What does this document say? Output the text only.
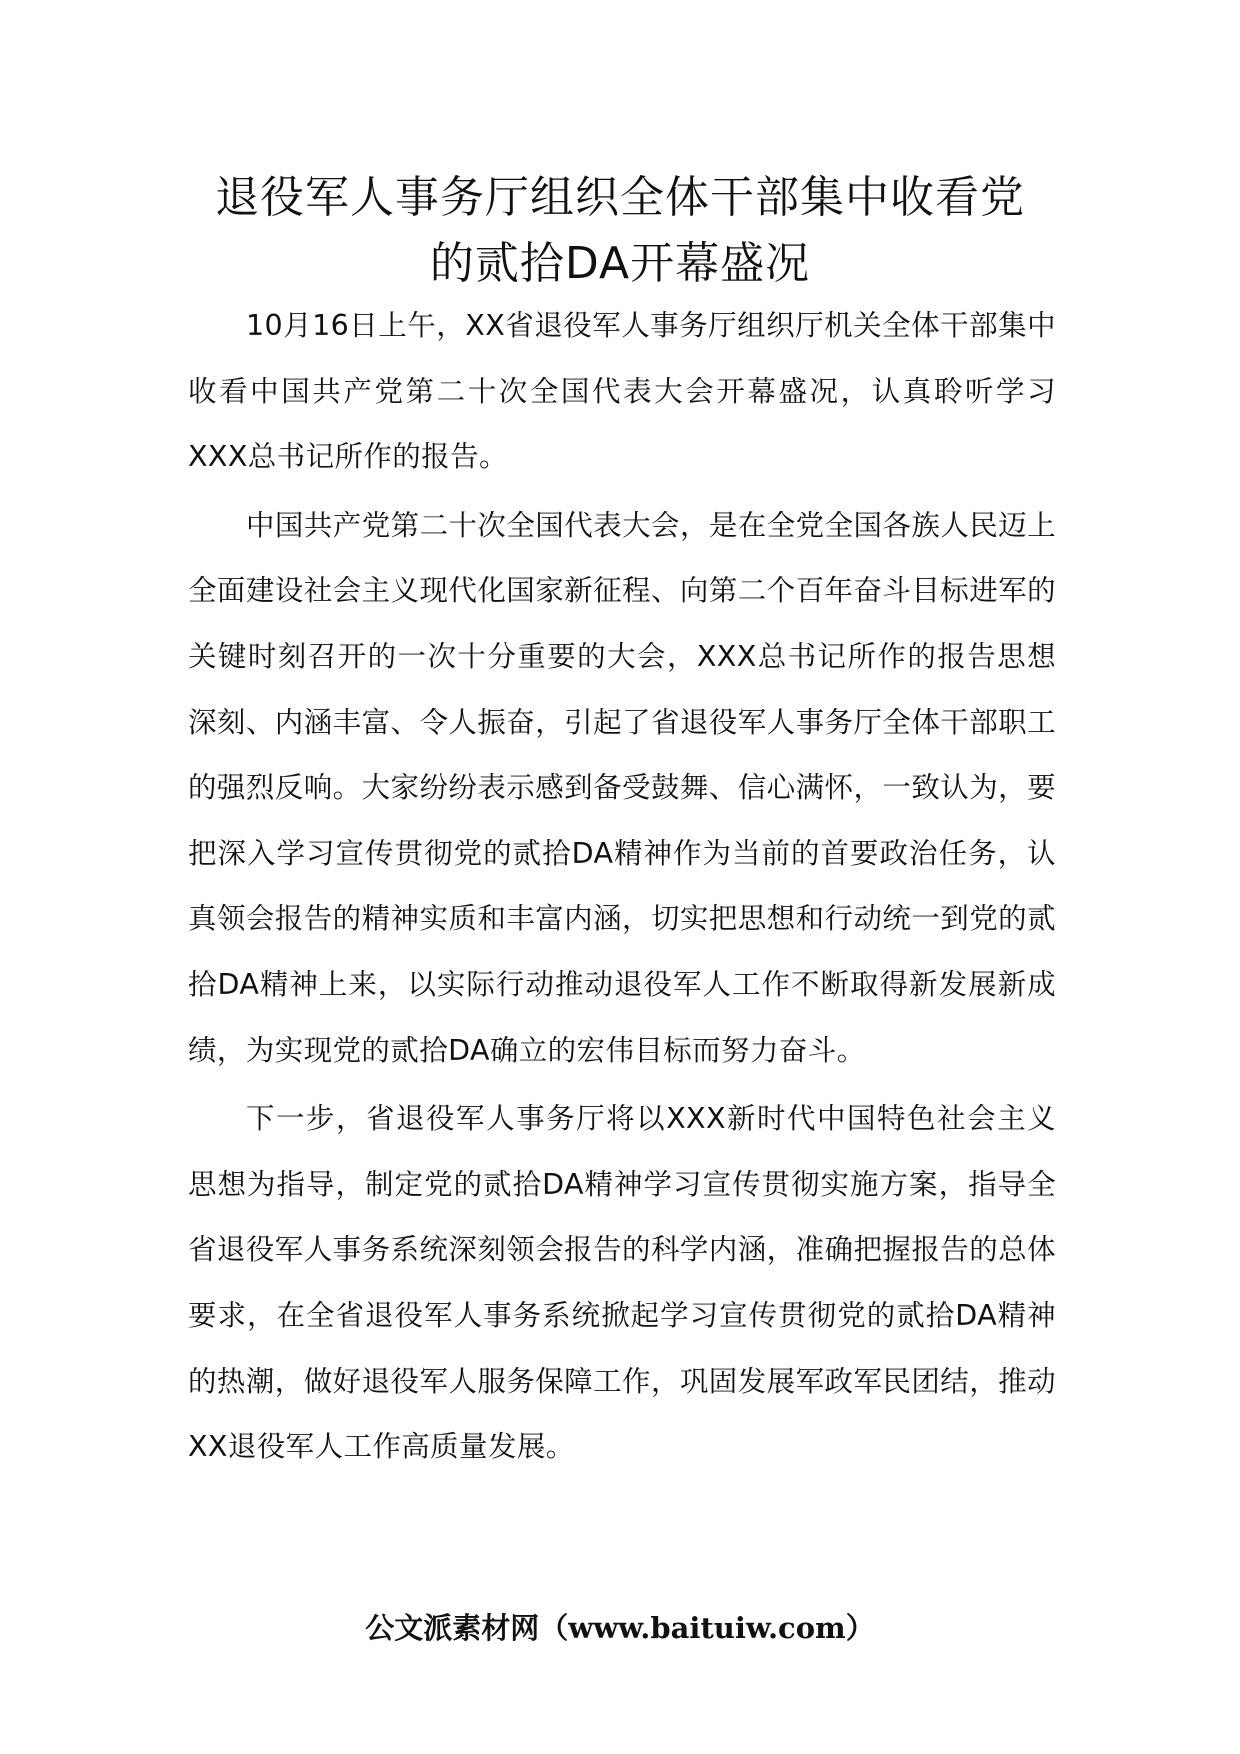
退役军人事务厅组织全体干部集中收看党
的贰拾DA开幕盛况

10月16日上午，XX省退役军人事务厅组织厅机关全体干部集中收看中国共产党第二十次全国代表大会开幕盛况，认真聆听学习XXX总书记所作的报告。

中国共产党第二十次全国代表大会，是在全党全国各族人民迈上全面建设社会主义现代化国家新征程、向第二个百年奋斗目标进军的关键时刻召开的一次十分重要的大会，XXX总书记所作的报告思想深刻、内涵丰富、令人振奋，引起了省退役军人事务厅全体干部职工的强烈反响。大家纷纷表示感到备受鼓舞、信心满怀，一致认为，要把深入学习宣传贯彻党的贰拾DA精神作为当前的首要政治任务，认真领会报告的精神实质和丰富内涵，切实把思想和行动统一到党的贰拾DA精神上来，以实际行动推动退役军人工作不断取得新发展新成绩，为实现党的贰拾DA确立的宏伟目标而努力奋斗。

下一步，省退役军人事务厅将以XXX新时代中国特色社会主义思想为指导，制定党的贰拾DA精神学习宣传贯彻实施方案，指导全省退役军人事务系统深刻领会报告的科学内涵，准确把握报告的总体要求，在全省退役军人事务系统掀起学习宣传贯彻党的贰拾DA精神的热潮，做好退役军人服务保障工作，巩固发展军政军民团结，推动XX退役军人工作高质量发展。

公文派素材网（www.baituiw.com）
